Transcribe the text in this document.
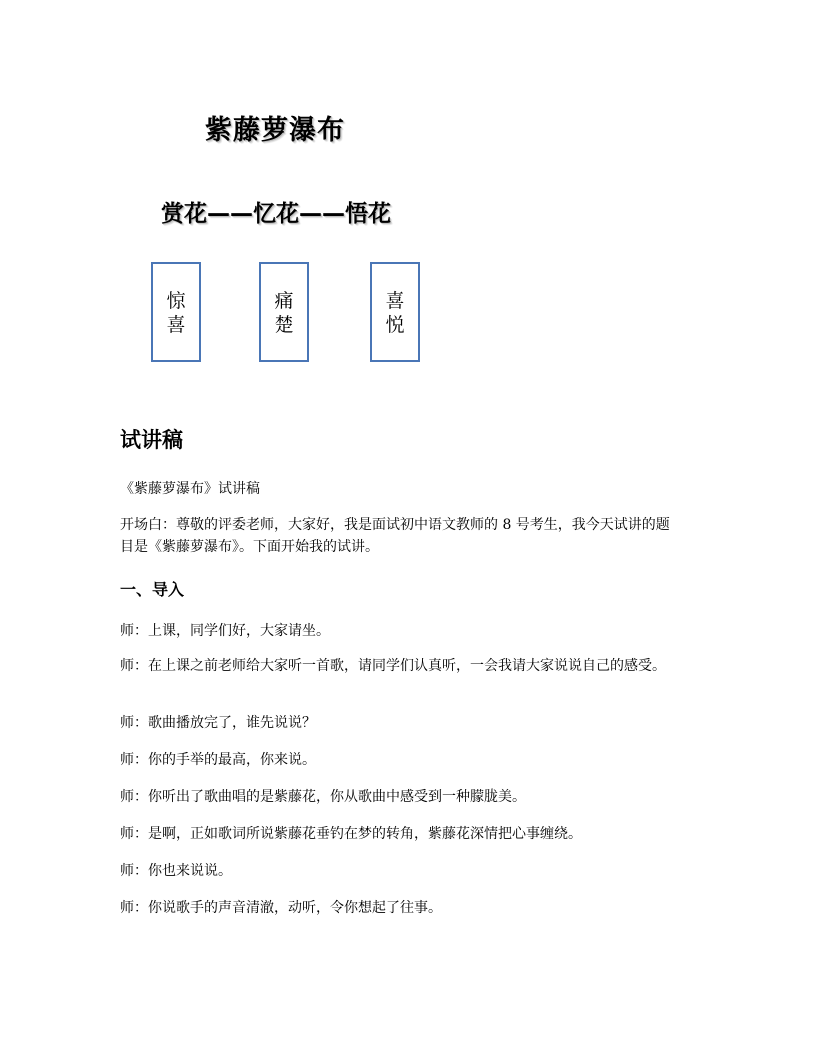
紫藤萝瀑布
赏花——忆花——悟花
惊喜
痛楚
喜悦
试讲稿
《紫藤萝瀑布》试讲稿
开场白：尊敬的评委老师，大家好，我是面试初中语文教师的 8 号考生，我今天试讲的题目是《紫藤萝瀑布》。下面开始我的试讲。
一、导入
师：上课，同学们好，大家请坐。
师：在上课之前老师给大家听一首歌，请同学们认真听，一会我请大家说说自己的感受。
师：歌曲播放完了，谁先说说？
师：你的手举的最高，你来说。
师：你听出了歌曲唱的是紫藤花，你从歌曲中感受到一种朦胧美。
师：是啊，正如歌词所说紫藤花垂钓在梦的转角，紫藤花深情把心事缠绕。
师：你也来说说。
师：你说歌手的声音清澈，动听，令你想起了往事。
